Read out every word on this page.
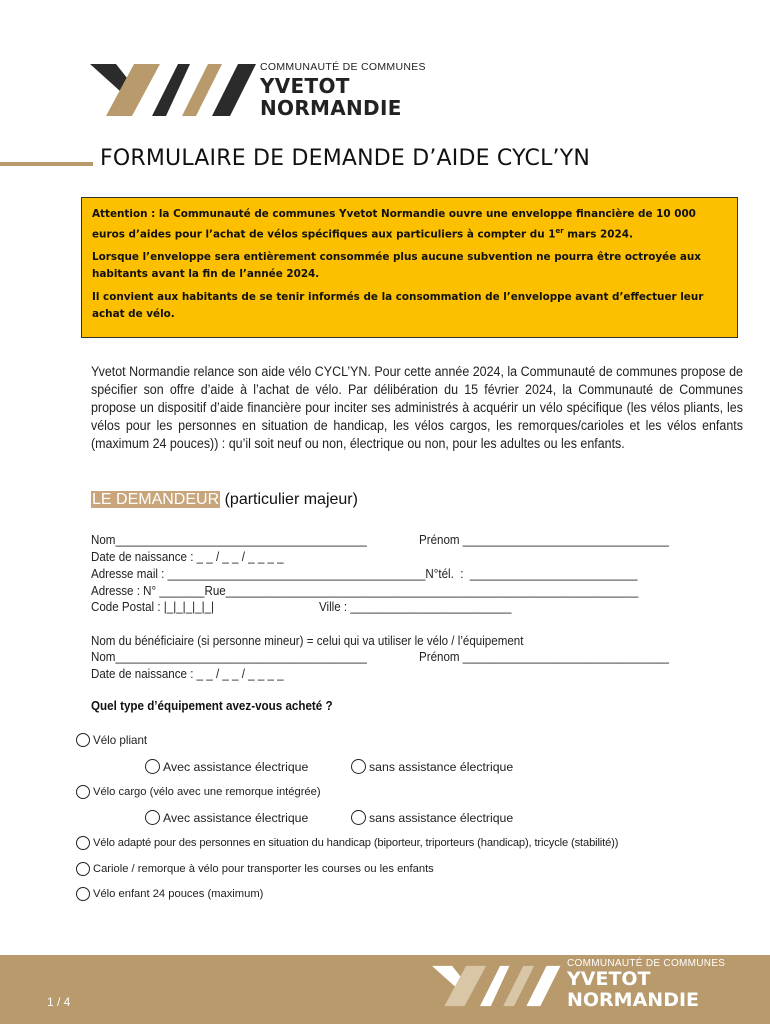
COMMUNAUTÉ DE COMMUNES
YVETOT
NORMANDIE
FORMULAIRE DE DEMANDE D’AIDE CYCL’YN

Attention : la Communauté de communes Yvetot Normandie ouvre une enveloppe financière de 10 000 euros d’aides pour l’achat de vélos spécifiques aux particuliers à compter du 1er mars 2024.

Lorsque l’enveloppe sera entièrement consommée plus aucune subvention ne pourra être octroyée aux habitants avant la fin de l’année 2024.

Il convient aux habitants de se tenir informés de la consommation de l’enveloppe avant d’effectuer leur achat de vélo.

Yvetot Normandie relance son aide vélo CYCL’YN. Pour cette année 2024, la Communauté de communes propose de spécifier son offre d’aide à l’achat de vélo. Par délibération du 15 février 2024, la Communauté de Communes propose un dispositif d’aide financière pour inciter ses administrés à acquérir un vélo spécifique (les vélos pliants, les vélos pour les personnes en situation de handicap, les vélos cargos, les remorques/carioles et les vélos enfants (maximum 24 pouces)) : qu’il soit neuf ou non, électrique ou non, pour les adultes ou les enfants.
LE DEMANDEUR (particulier majeur)
Nom_______________________________________	Prénom ________________________________
Date de naissance : _ _ / _ _ / _ _ _ _
Adresse mail : ________________________________________N°tél.  :  __________________________
Adresse : N° _______Rue________________________________________________________________
Code Postal : |_|_|_|_|_|	Ville : _________________________
Nom du bénéficiaire (si personne mineur) = celui qui va utiliser le vélo / l’équipement
Nom_______________________________________	Prénom ________________________________
Date de naissance : _ _ / _ _ / _ _ _ _
Quel type d’équipement avez-vous acheté ?
Vélo pliant
Avec assistance électrique	sans assistance électrique
Vélo cargo (vélo avec une remorque intégrée)
Avec assistance électrique	sans assistance électrique
Vélo adapté pour des personnes en situation du handicap (biporteur, triporteurs (handicap), tricycle (stabilité))
Cariole / remorque à vélo pour transporter les courses ou les enfants
Vélo enfant 24 pouces (maximum)
COMMUNAUTÉ DE COMMUNES
YVETOT
NORMANDIE
1 / 4
